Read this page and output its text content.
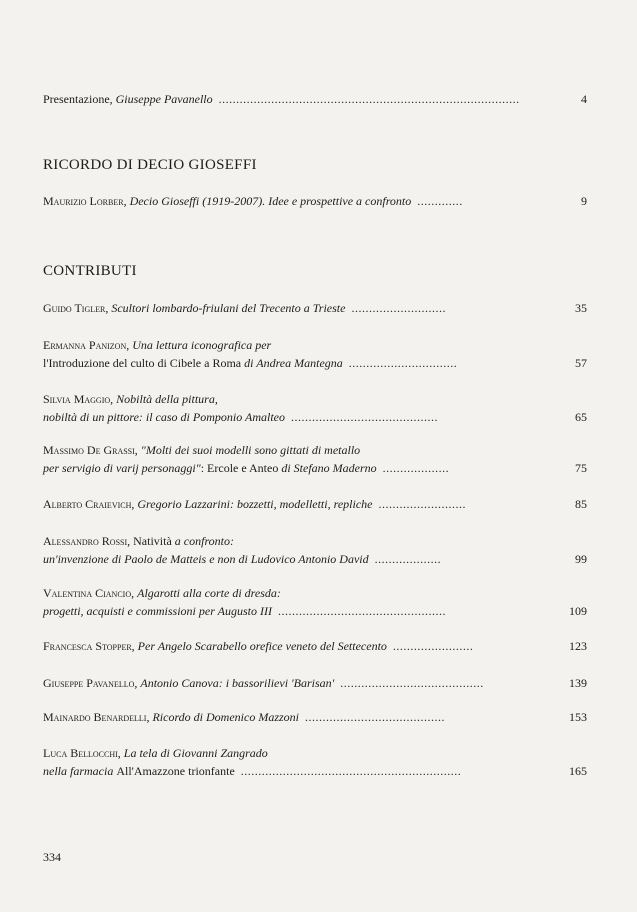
RICORDO DI DECIO GIOSEFFI
CONTRIBUTI
Presentazione, Giuseppe Pavanello ......................................................................................	4
Maurizio Lorber, Decio Gioseffi (1919-2007). Idee e prospettive a confronto .............	9
Guido Tigler, Scultori lombardo-friulani del Trecento a Trieste ...........................	35
Ermanna Panizon, Una lettura iconografica per
l'Introduzione del culto di Cibele a Roma di Andrea Mantegna ...............................	57
Silvia Maggio, Nobiltà della pittura,
nobiltà di un pittore: il caso di Pomponio Amalteo ..........................................	65
Massimo De Grassi, "Molti dei suoi modelli sono gittati di metallo
per servigio di varij personaggi": Ercole e Anteo di Stefano Maderno ...................	75
Alberto Craievich, Gregorio Lazzarini: bozzetti, modelletti, repliche .........................	85
Alessandro Rossi, Natività a confronto:
un'invenzione di Paolo de Matteis e non di Ludovico Antonio David ...................	99
Valentina Ciancio, Algarotti alla corte di dresda:
progetti, acquisti e commissioni per Augusto III ................................................	109
Francesca Stopper, Per Angelo Scarabello orefice veneto del Settecento .......................	123
Giuseppe Pavanello, Antonio Canova: i bassorilievi 'Barisan' .........................................	139
Mainardo Benardelli, Ricordo di Domenico Mazzoni ........................................	153
Luca Bellocchi, La tela di Giovanni Zangrado
nella farmacia All'Amazzone trionfante ...............................................................	165
334
